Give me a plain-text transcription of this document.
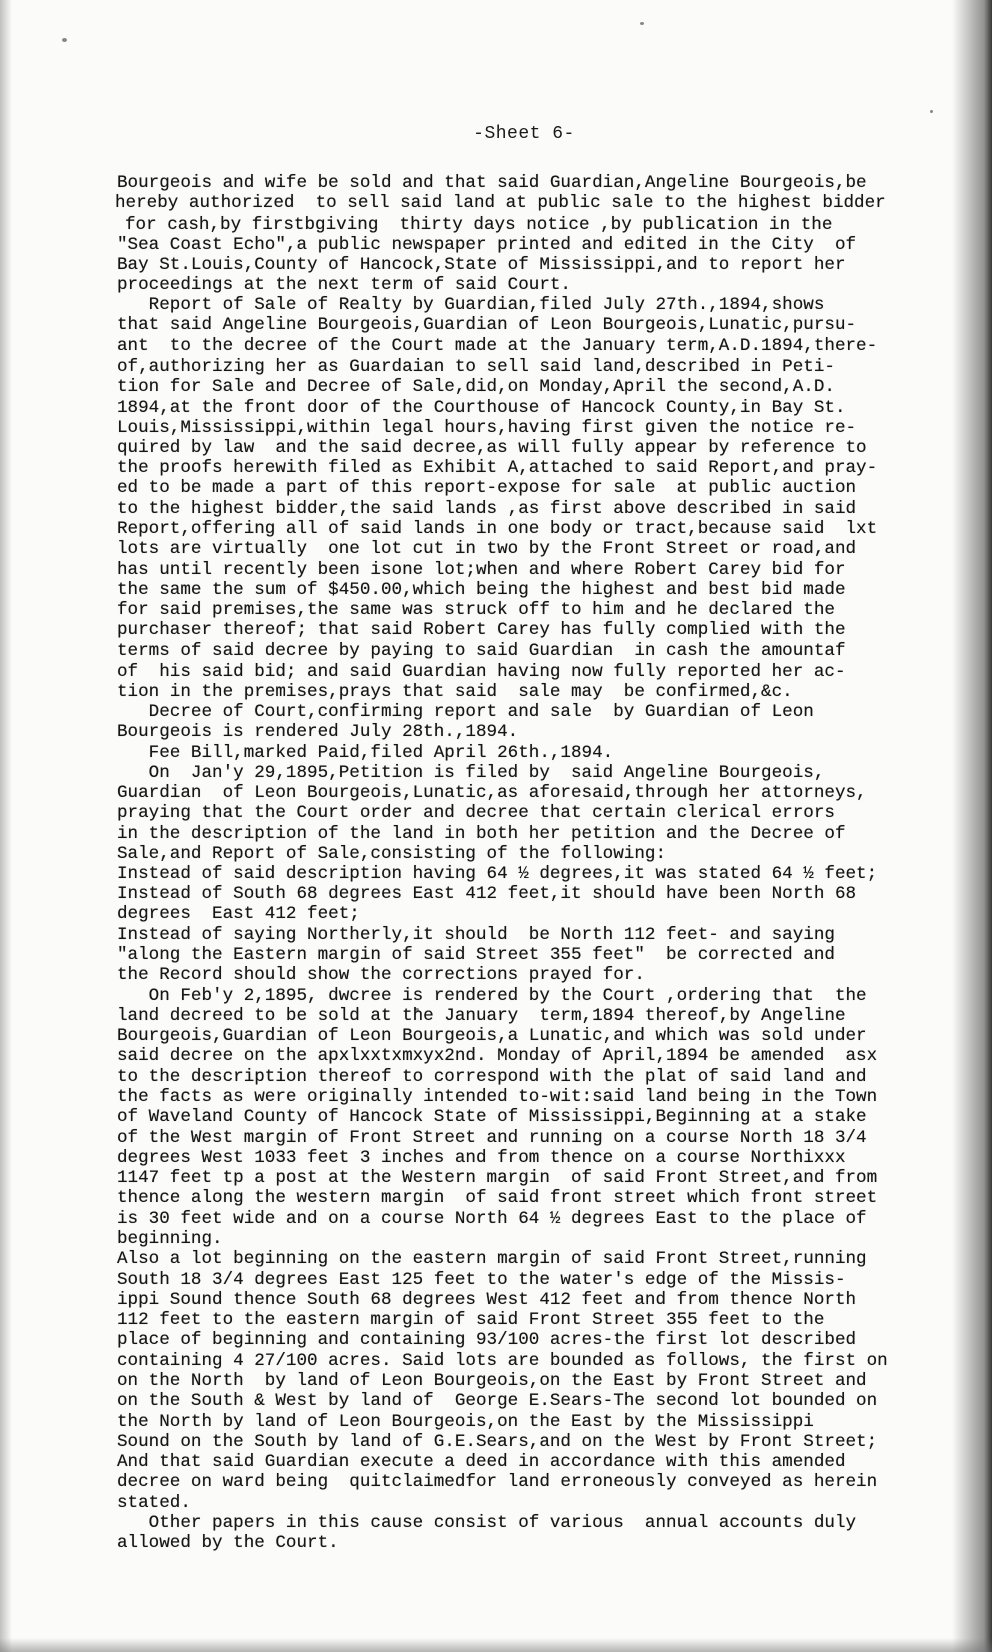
-Sheet 6-
Bourgeois and wife be sold and that said Guardian,Angeline Bourgeois,be
hereby authorized  to sell said land at public sale to the highest bidder
for cash,by firstbgiving  thirty days notice ,by publication in the
"Sea Coast Echo",a public newspaper printed and edited in the City  of
Bay St.Louis,County of Hancock,State of Mississippi,and to report her
proceedings at the next term of said Court.
Report of Sale of Realty by Guardian,filed July 27th.,1894,shows
that said Angeline Bourgeois,Guardian of Leon Bourgeois,Lunatic,pursu-
ant  to the decree of the Court made at the January term,A.D.1894,there-
of,authorizing her as Guardaian to sell said land,described in Peti-
tion for Sale and Decree of Sale,did,on Monday,April the second,A.D.
1894,at the front door of the Courthouse of Hancock County,in Bay St.
Louis,Mississippi,within legal hours,having first given the notice re-
quired by law  and the said decree,as will fully appear by reference to
the proofs herewith filed as Exhibit A,attached to said Report,and pray-
ed to be made a part of this report-expose for sale  at public auction
to the highest bidder,the said lands ,as first above described in said
Report,offering all of said lands in one body or tract,because said  lxt
lots are virtually  one lot cut in two by the Front Street or road,and
has until recently been isone lot;when and where Robert Carey bid for
the same the sum of $450.00,which being the highest and best bid made
for said premises,the same was struck off to him and he declared the
purchaser thereof; that said Robert Carey has fully complied with the
terms of said decree by paying to said Guardian  in cash the amountaf
of  his said bid; and said Guardian having now fully reported her ac-
tion in the premises,prays that said  sale may  be confirmed,&c.
Decree of Court,confirming report and sale  by Guardian of Leon
Bourgeois is rendered July 28th.,1894.
Fee Bill,marked Paid,filed April 26th.,1894.
On  Jan'y 29,1895,Petition is filed by  said Angeline Bourgeois,
Guardian  of Leon Bourgeois,Lunatic,as aforesaid,through her attorneys,
praying that the Court order and decree that certain clerical errors
in the description of the land in both her petition and the Decree of
Sale,and Report of Sale,consisting of the following:
Instead of said description having 64 ½ degrees,it was stated 64 ½ feet;
Instead of South 68 degrees East 412 feet,it should have been North 68
degrees  East 412 feet;
Instead of saying Northerly,it should  be North 112 feet- and saying
"along the Eastern margin of said Street 355 feet"  be corrected and
the Record should show the corrections prayed for.
On Feb'y 2,1895, dwcree is rendered by the Court ,ordering that  the
land decreed to be sold at the January  term,1894 thereof,by Angeline
Bourgeois,Guardian of Leon Bourgeois,a Lunatic,and which was sold under
said decree on the apxlxxtxmxyx2nd. Monday of April,1894 be amended  asx
to the description thereof to correspond with the plat of said land and
the facts as were originally intended to-wit:said land being in the Town
of Waveland County of Hancock State of Mississippi,Beginning at a stake
of the West margin of Front Street and running on a course North 18 3/4
degrees West 1033 feet 3 inches and from thence on a course Northixxx
1147 feet tp a post at the Western margin  of said Front Street,and from
thence along the western margin  of said front street which front street
is 30 feet wide and on a course North 64 ½ degrees East to the place of
beginning.
Also a lot beginning on the eastern margin of said Front Street,running
South 18 3/4 degrees East 125 feet to the water's edge of the Missis-
ippi Sound thence South 68 degrees West 412 feet and from thence North
112 feet to the eastern margin of said Front Street 355 feet to the
place of beginning and containing 93/100 acres-the first lot described
containing 4 27/100 acres. Said lots are bounded as follows, the first on
on the North  by land of Leon Bourgeois,on the East by Front Street and
on the South & West by land of  George E.Sears-The second lot bounded on
the North by land of Leon Bourgeois,on the East by the Mississippi
Sound on the South by land of G.E.Sears,and on the West by Front Street;
And that said Guardian execute a deed in accordance with this amended
decree on ward being  quitclaimedfor land erroneously conveyed as herein
stated.
Other papers in this cause consist of various  annual accounts duly
allowed by the Court.
